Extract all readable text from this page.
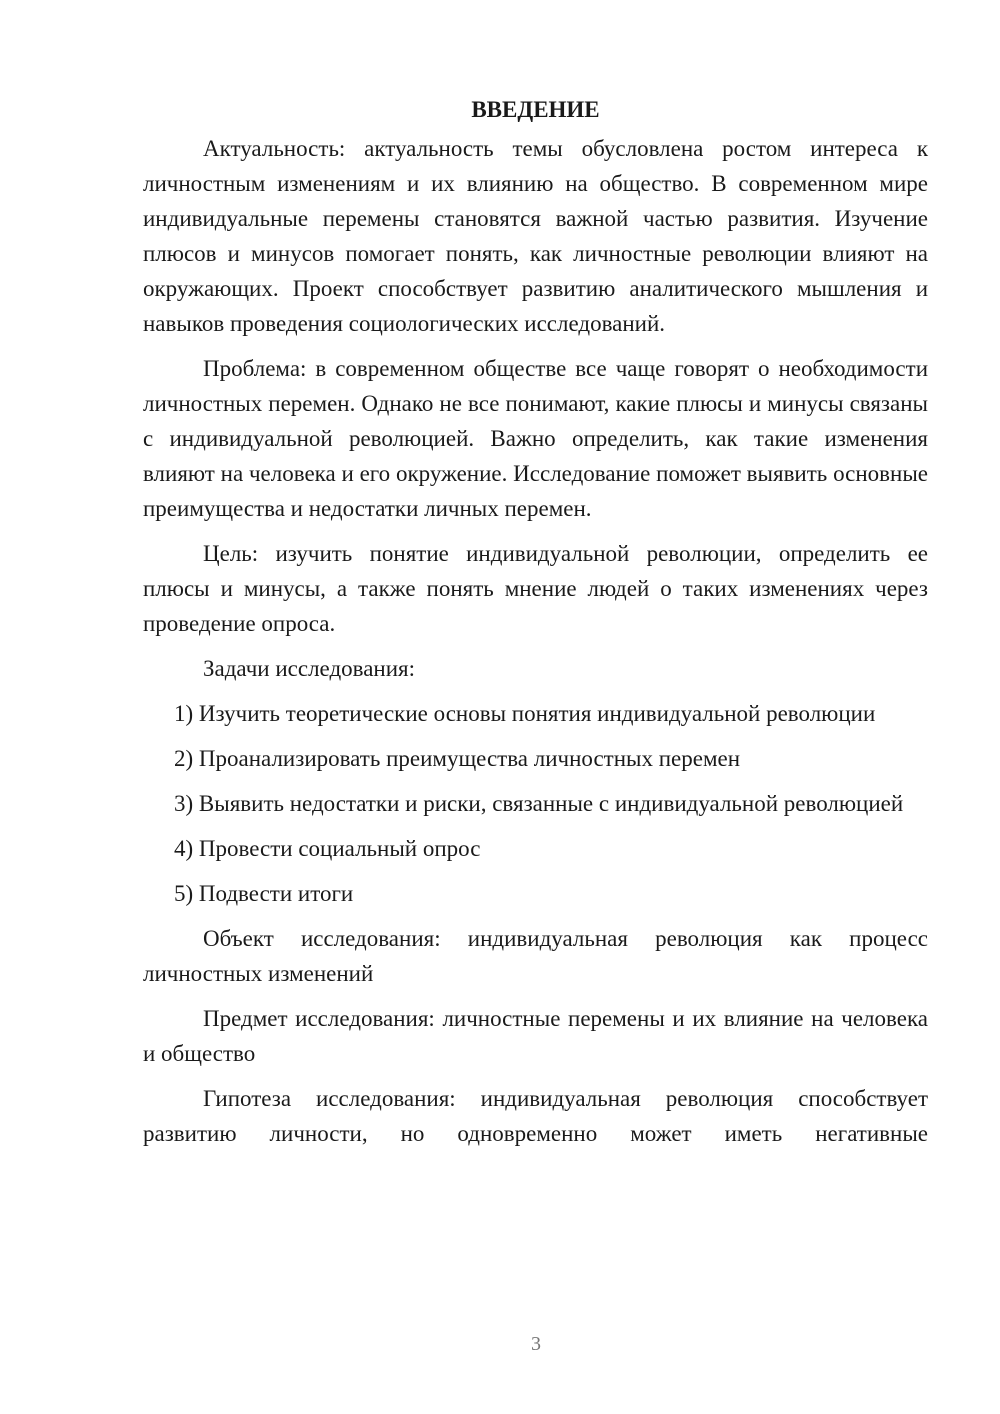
ВВЕДЕНИЕ

Актуальность: актуальность темы обусловлена ростом интереса к личностным изменениям и их влиянию на общество. В современном мире индивидуальные перемены становятся важной частью развития. Изучение плюсов и минусов помогает понять, как личностные революции влияют на окружающих. Проект способствует развитию аналитического мышления и навыков проведения социологических исследований.

Проблема: в современном обществе все чаще говорят о необходимости личностных перемен. Однако не все понимают, какие плюсы и минусы связаны с индивидуальной революцией. Важно определить, как такие изменения влияют на человека и его окружение. Исследование поможет выявить основные преимущества и недостатки личных перемен.

Цель: изучить понятие индивидуальной революции, определить ее плюсы и минусы, а также понять мнение людей о таких изменениях через проведение опроса.

Задачи исследования:

1) Изучить теоретические основы понятия индивидуальной революции

2) Проанализировать преимущества личностных перемен

3) Выявить недостатки и риски, связанные с индивидуальной революцией

4) Провести социальный опрос

5) Подвести итоги

Объект исследования: индивидуальная революция как процесс личностных изменений

Предмет исследования: личностные перемены и их влияние на человека и общество

Гипотеза исследования: индивидуальная революция способствует развитию личности, но одновременно может иметь негативные

3
